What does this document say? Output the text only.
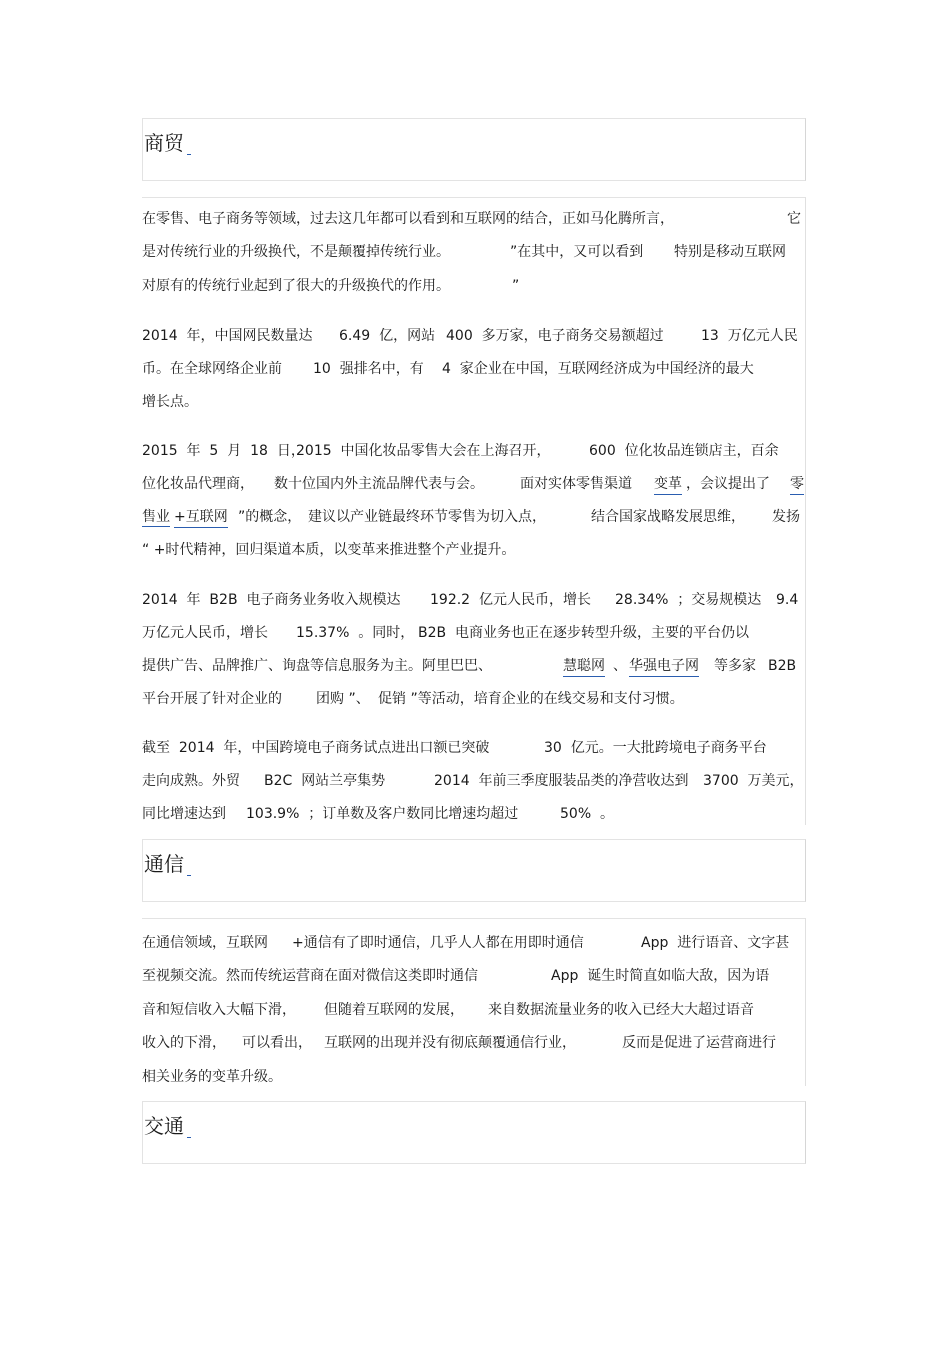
商贸
在零售、电子商务等领域，过去这几年都可以看到和互联网的结合，正如马化腾所言，	它
是对传统行业的升级换代，不是颠覆掉传统行业。	”在其中，又可以看到 特别是移动互联网
对原有的传统行业起到了很大的升级换代的作用。	”
2014  年，中国网民数量达 6.49  亿，网站 400  多万家，电子商务交易额超过	13  万亿元人民
币。在全球网络企业前 10  强排名中，有 4  家企业在中国，互联网经济成为中国经济的最大
增长点。
2015  年  5  月  18  日，
2015  中国化妆品零售大会在上海召开，	600  位化妆品连锁店主，百余
位化妆品代理商， 数十位国内外主流品牌代表与会。	面对实体零售渠道 变革 ，会议提出了 零
售业 +互联网 ”的概念， 建议以产业链最终环节零售为切入点，	结合国家战略发展思维， 发扬
“ +时代精神，回归渠道本质，以变革来推进整个产业提升。
2014  年  B2B  电子商务业务收入规模达 192.2  亿元人民币，增长 28.34%  ；交易规模达 9.4
万亿元人民币，增长 15.37%  。同时， B2B  电商业务也正在逐步转型升级，主要的平台仍以
提供广告、品牌推广、询盘等信息服务为主。阿里巴巴、	慧聪网 、 华强电子网 等多家 B2B
平台开展了针对企业的 团购 ”、 促销 ”等活动，培育企业的在线交易和支付习惯。
截至  2014  年，中国跨境电子商务试点进出口额已突破	30  亿元。一大批跨境电子商务平台
走向成熟。外贸 B2C  网站兰亭集势	2014  年前三季度服装品类的净营收达到 3700  万美元，
同比增速达到 103.9%  ；订单数及客户数同比增速均超过	50%  。
通信
在通信领域，互联网 +通信有了即时通信，几乎人人都在用即时通信	App  进行语音、文字甚
至视频交流。然而传统运营商在面对微信这类即时通信	App  诞生时简直如临大敌，因为语
音和短信收入大幅下滑， 但随着互联网的发展， 来自数据流量业务的收入已经大大超过语音
收入的下滑， 可以看出， 互联网的出现并没有彻底颠覆通信行业，	反而是促进了运营商进行
相关业务的变革升级。
交通
